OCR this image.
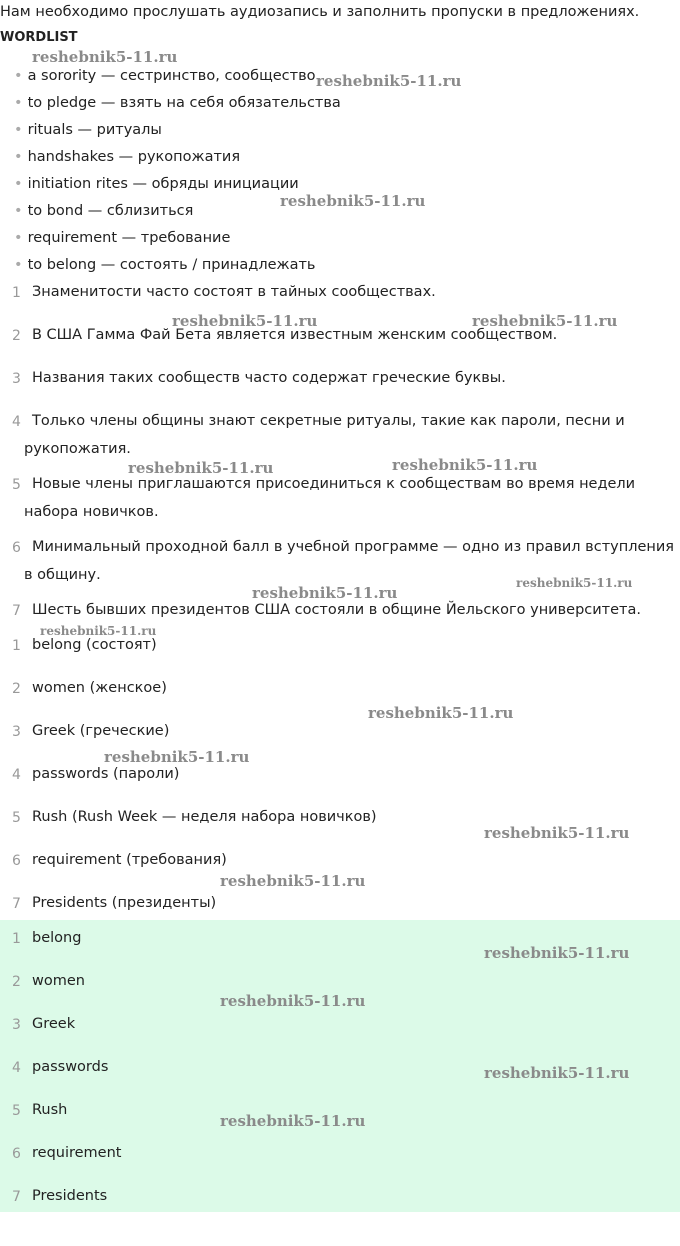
Нам необходимо прослушать аудиозапись и заполнить пропуски в предложениях.
WORDLIST
• a sorority — сестринство, сообщество
• to pledge — взять на себя обязательства
• rituals — ритуалы
• handshakes — рукопожатия
• initiation rites — обряды инициации
• to bond — сблизиться
• requirement — требование
• to belong — состоять / принадлежать
1 Знаменитости часто состоят в тайных сообществах.
2 В США Гамма Фай Бета является известным женским сообществом.
3 Названия таких сообществ часто содержат греческие буквы.
4 Только члены общины знают секретные ритуалы, такие как пароли, песни и
рукопожатия.
5 Новые члены приглашаются присоединиться к сообществам во время недели
набора новичков.
6 Минимальный проходной балл в учебной программе — одно из правил вступления
в общину.
7 Шесть бывших президентов США состояли в общине Йельского университета.
1 belong (состоят)
2 women (женское)
3 Greek (греческие)
4 passwords (пароли)
5 Rush (Rush Week — неделя набора новичков)
6 requirement (требования)
7 Presidents (президенты)
1 belong
2 women
3 Greek
4 passwords
5 Rush
6 requirement
7 Presidents
reshebnik5-11.ru
reshebnik5-11.ru
reshebnik5-11.ru
reshebnik5-11.ru	reshebnik5-11.ru
reshebnik5-11.ru	reshebnik5-11.ru
reshebnik5-11.ru
reshebnik5-11.ru
reshebnik5-11.ru
reshebnik5-11.ru
reshebnik5-11.ru
reshebnik5-11.ru
reshebnik5-11.ru
reshebnik5-11.ru
reshebnik5-11.ru
reshebnik5-11.ru
reshebnik5-11.ru
